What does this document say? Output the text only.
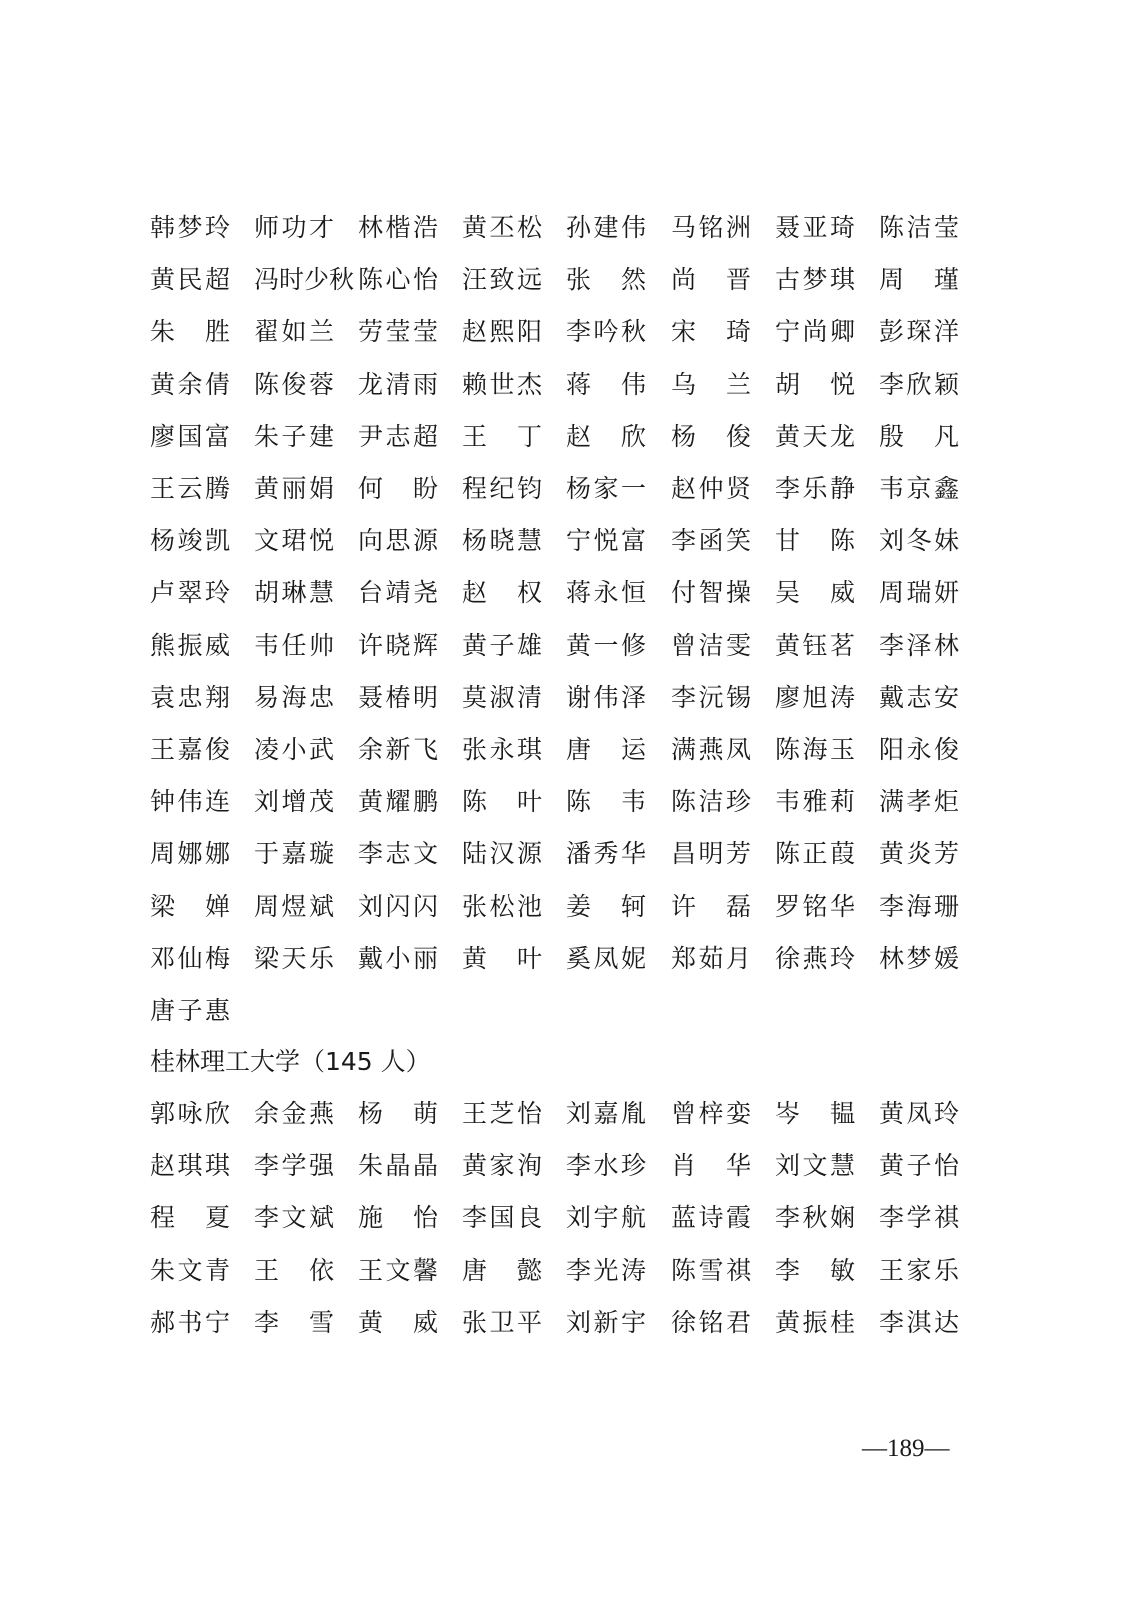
韩梦玲 师功才 林楷浩 黄丕松 孙建伟 马铭洲 聂亚琦 陈洁莹
黄民超 冯时少秋 陈心怡 汪致远 张　然 尚　晋 古梦琪 周　瑾
朱　胜 翟如兰 劳莹莹 赵熙阳 李吟秋 宋　琦 宁尚卿 彭琛洋
黄余倩 陈俊蓉 龙清雨 赖世杰 蒋　伟 乌　兰 胡　悦 李欣颖
廖国富 朱子建 尹志超 王　丁 赵　欣 杨　俊 黄天龙 殷　凡
王云腾 黄丽娟 何　盼 程纪钧 杨家一 赵仲贤 李乐静 韦京鑫
杨竣凯 文珺悦 向思源 杨晓慧 宁悦富 李函笑 甘　陈 刘冬妹
卢翠玲 胡琳慧 台靖尧 赵　权 蒋永恒 付智操 吴　威 周瑞妍
熊振威 韦任帅 许晓辉 黄子雄 黄一修 曾洁雯 黄钰茗 李泽林
袁忠翔 易海忠 聂椿明 莫淑清 谢伟泽 李沅锡 廖旭涛 戴志安
王嘉俊 凌小武 余新飞 张永琪 唐　运 满燕凤 陈海玉 阳永俊
钟伟连 刘增茂 黄耀鹏 陈　叶 陈　韦 陈洁珍 韦雅莉 满孝炬
周娜娜 于嘉璇 李志文 陆汉源 潘秀华 昌明芳 陈正葭 黄炎芳
梁　婵 周煜斌 刘闪闪 张松池 姜　轲 许　磊 罗铭华 李海珊
邓仙梅 梁天乐 戴小丽 黄　叶 奚凤妮 郑茹月 徐燕玲 林梦媛
唐子惠
桂林理工大学（145 人）
郭咏欣 余金燕 杨　萌 王芝怡 刘嘉胤 曾梓娈 岑　韫 黄凤玲
赵琪琪 李学强 朱晶晶 黄家洵 李水珍 肖　华 刘文慧 黄子怡
程　夏 李文斌 施　怡 李国良 刘宇航 蓝诗霞 李秋娴 李学祺
朱文青 王　依 王文馨 唐　懿 李光涛 陈雪祺 李　敏 王家乐
郝书宁 李　雪 黄　威 张卫平 刘新宇 徐铭君 黄振桂 李淇达
—189—
